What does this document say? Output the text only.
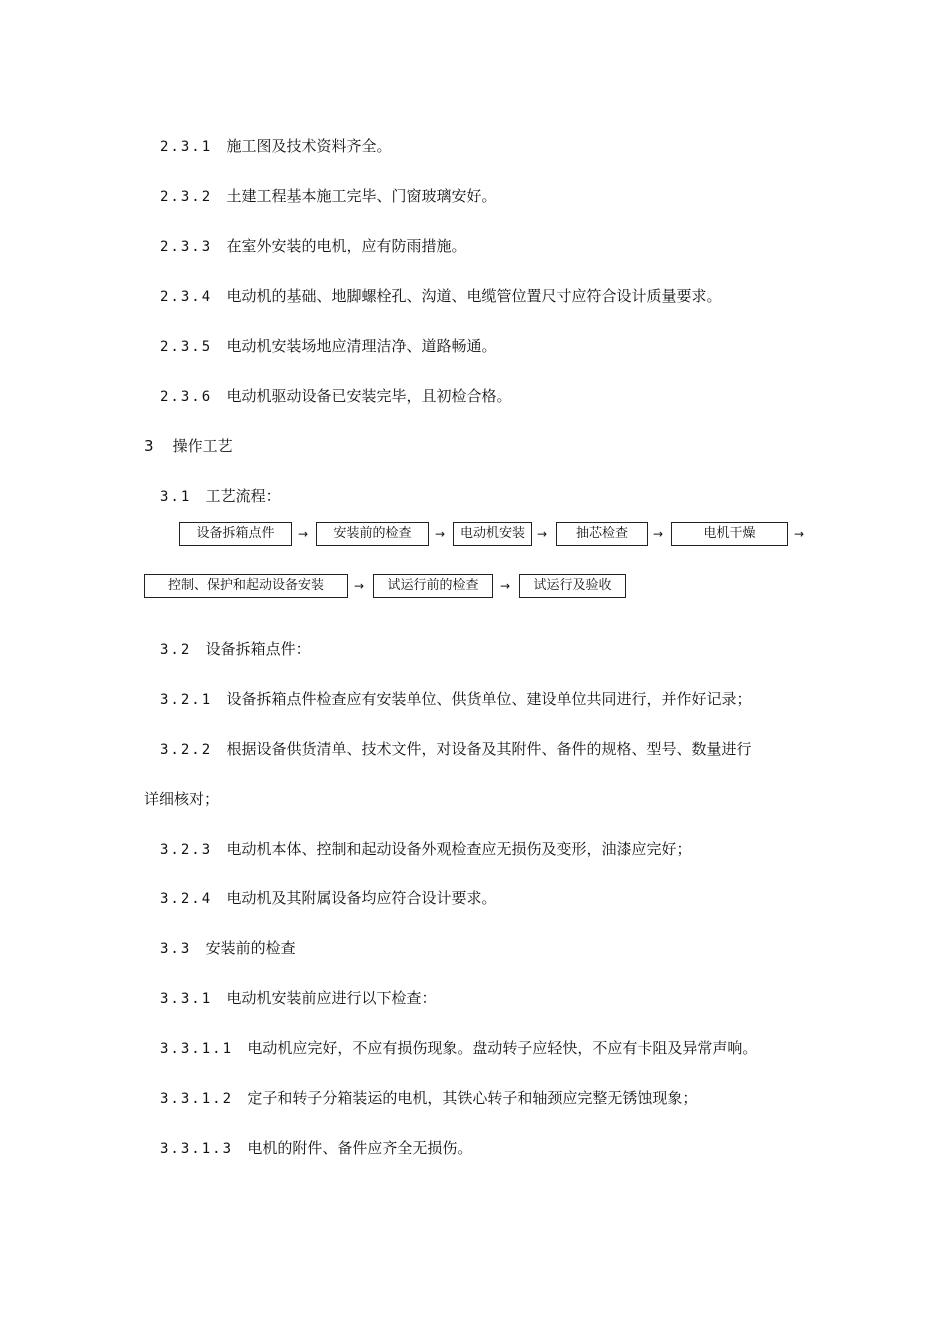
2.3.1 施工图及技术资料齐全。
2.3.2 土建工程基本施工完毕、门窗玻璃安好。
2.3.3 在室外安装的电机，应有防雨措施。
2.3.4 电动机的基础、地脚螺栓孔、沟道、电缆管位置尺寸应符合设计质量要求。
2.3.5 电动机安装场地应清理洁净、道路畅通。
2.3.6 电动机驱动设备已安装完毕，且初检合格。
3 操作工艺
3.1 工艺流程：
设备拆箱点件	→	安装前的检查	→	电动机安装	→	抽芯检查	→	电机干燥	→
控制、保护和起动设备安装	→	试运行前的检查	→	试运行及验收
3.2 设备拆箱点件：
3.2.1 设备拆箱点件检查应有安装单位、供货单位、建设单位共同进行，并作好记录；
3.2.2 根据设备供货清单、技术文件，对设备及其附件、备件的规格、型号、数量进行
详细核对；
3.2.3 电动机本体、控制和起动设备外观检查应无损伤及变形，油漆应完好；
3.2.4 电动机及其附属设备均应符合设计要求。
3.3 安装前的检查
3.3.1 电动机安装前应进行以下检查：
3.3.1.1 电动机应完好，不应有损伤现象。盘动转子应轻快，不应有卡阻及异常声响。
3.3.1.2 定子和转子分箱装运的电机，其铁心转子和轴颈应完整无锈蚀现象；
3.3.1.3 电机的附件、备件应齐全无损伤。
